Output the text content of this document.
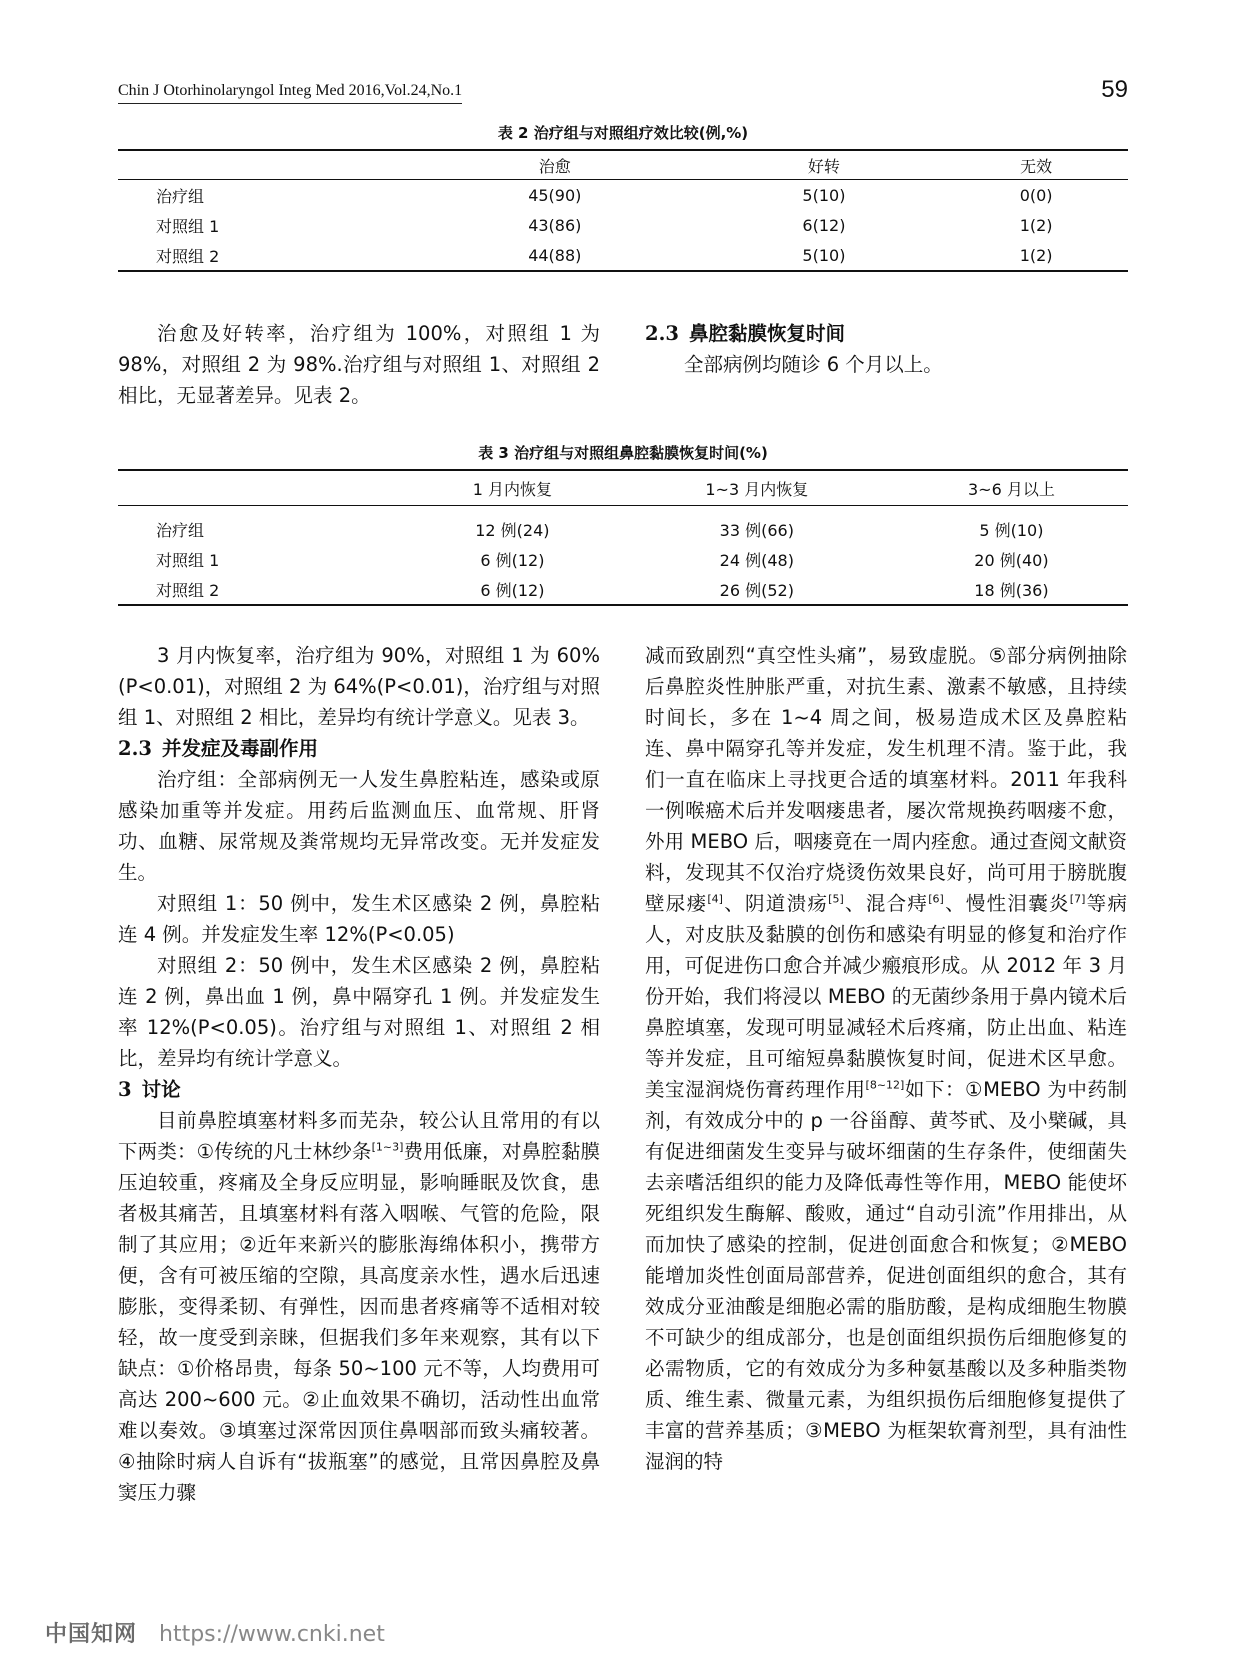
Chin J Otorhinolaryngol Integ Med 2016,Vol.24,No.1	59
表 2 治疗组与对照组疗效比较(例,%)
	治愈	好转	无效
治疗组	45(90)	5(10)	0(0)
对照组 1	43(86)	6(12)	1(2)
对照组 2	44(88)	5(10)	1(2)

治愈及好转率，治疗组为 100%，对照组 1 为 98%，对照组 2 为 98%.治疗组与对照组 1、对照组 2 相比，无显著差异。见表 2。

2.3 鼻腔黏膜恢复时间

全部病例均随诊 6 个月以上。

表 3 治疗组与对照组鼻腔黏膜恢复时间(%)
	1 月内恢复	1~3 月内恢复	3~6 月以上
治疗组	12 例(24)	33 例(66)	5 例(10)
对照组 1	6 例(12)	24 例(48)	20 例(40)
对照组 2	6 例(12)	26 例(52)	18 例(36)

3 月内恢复率，治疗组为 90%，对照组 1 为 60%(P<0.01)，对照组 2 为 64%(P<0.01)，治疗组与对照组 1、对照组 2 相比，差异均有统计学意义。见表 3。

2.3 并发症及毒副作用

治疗组：全部病例无一人发生鼻腔粘连，感染或原感染加重等并发症。用药后监测血压、血常规、肝肾功、血糖、尿常规及粪常规均无异常改变。无并发症发生。

对照组 1：50 例中，发生术区感染 2 例，鼻腔粘连 4 例。并发症发生率 12%(P<0.05)

对照组 2：50 例中，发生术区感染 2 例，鼻腔粘连 2 例，鼻出血 1 例，鼻中隔穿孔 1 例。并发症发生率 12%(P<0.05)。治疗组与对照组 1、对照组 2 相比，差异均有统计学意义。

3 讨论

目前鼻腔填塞材料多而芜杂，较公认且常用的有以下两类：①传统的凡士林纱条[1~3]费用低廉，对鼻腔黏膜压迫较重，疼痛及全身反应明显，影响睡眠及饮食，患者极其痛苦，且填塞材料有落入咽喉、气管的危险，限制了其应用；②近年来新兴的膨胀海绵体积小，携带方便，含有可被压缩的空隙，具高度亲水性，遇水后迅速膨胀，变得柔韧、有弹性，因而患者疼痛等不适相对较轻，故一度受到亲睐，但据我们多年来观察，其有以下缺点：①价格昂贵，每条 50~100 元不等，人均费用可高达 200~600 元。②止血效果不确切，活动性出血常难以奏效。③填塞过深常因顶住鼻咽部而致头痛较著。④抽除时病人自诉有“拔瓶塞”的感觉，且常因鼻腔及鼻窦压力骤

减而致剧烈“真空性头痛”，易致虚脱。⑤部分病例抽除后鼻腔炎性肿胀严重，对抗生素、激素不敏感，且持续时间长，多在 1~4 周之间，极易造成术区及鼻腔粘连、鼻中隔穿孔等并发症，发生机理不清。鉴于此，我们一直在临床上寻找更合适的填塞材料。2011 年我科一例喉癌术后并发咽瘘患者，屡次常规换药咽瘘不愈，外用 MEBO 后，咽瘘竟在一周内痊愈。通过查阅文献资料，发现其不仅治疗烧烫伤效果良好，尚可用于膀胱腹壁尿瘘[4]、阴道溃疡[5]、混合痔[6]、慢性泪囊炎[7]等病人，对皮肤及黏膜的创伤和感染有明显的修复和治疗作用，可促进伤口愈合并减少瘢痕形成。从 2012 年 3 月份开始，我们将浸以 MEBO 的无菌纱条用于鼻内镜术后鼻腔填塞，发现可明显减轻术后疼痛，防止出血、粘连等并发症，且可缩短鼻黏膜恢复时间，促进术区早愈。美宝湿润烧伤膏药理作用[8~12]如下：①MEBO 为中药制剂，有效成分中的 p 一谷甾醇、黄芩甙、及小檗碱，具有促进细菌发生变异与破坏细菌的生存条件，使细菌失去亲嗜活组织的能力及降低毒性等作用，MEBO 能使坏死组织发生酶解、酸败，通过“自动引流”作用排出，从而加快了感染的控制，促进创面愈合和恢复；②MEBO 能增加炎性创面局部营养，促进创面组织的愈合，其有效成分亚油酸是细胞必需的脂肪酸，是构成细胞生物膜不可缺少的组成部分，也是创面组织损伤后细胞修复的必需物质，它的有效成分为多种氨基酸以及多种脂类物质、维生素、微量元素，为组织损伤后细胞修复提供了丰富的营养基质；③MEBO 为框架软膏剂型，具有油性湿润的特

中国知网 https://www.cnki.net
